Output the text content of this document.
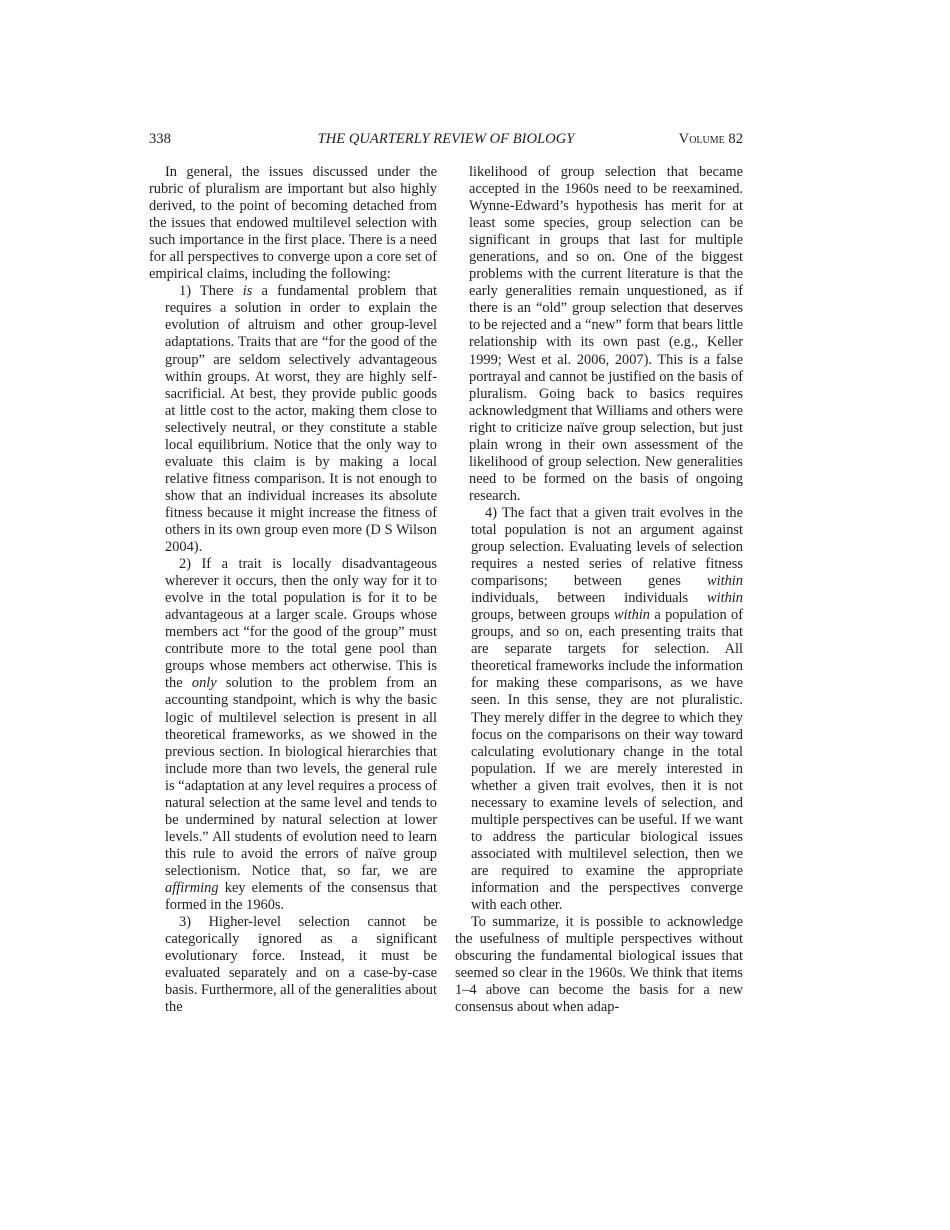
338	THE QUARTERLY REVIEW OF BIOLOGY	Volume 82

In general, the issues discussed under the rubric of pluralism are important but also highly derived, to the point of becoming detached from the issues that endowed multilevel selection with such importance in the first place. There is a need for all perspectives to converge upon a core set of empirical claims, including the following:

1) There is a fundamental problem that requires a solution in order to explain the evolution of altruism and other group-level adaptations. Traits that are “for the good of the group” are seldom selectively advantageous within groups. At worst, they are highly self-sacrificial. At best, they provide public goods at little cost to the actor, making them close to selectively neutral, or they constitute a stable local equilibrium. Notice that the only way to evaluate this claim is by making a local relative fitness comparison. It is not enough to show that an individual increases its absolute fitness because it might increase the fitness of others in its own group even more (D S Wilson 2004).

2) If a trait is locally disadvantageous wherever it occurs, then the only way for it to evolve in the total population is for it to be advantageous at a larger scale. Groups whose members act “for the good of the group” must contribute more to the total gene pool than groups whose members act otherwise. This is the only solution to the problem from an accounting standpoint, which is why the basic logic of multilevel selection is present in all theoretical frameworks, as we showed in the previous section. In biological hierarchies that include more than two levels, the general rule is “adaptation at any level requires a process of natural selection at the same level and tends to be undermined by natural selection at lower levels.” All students of evolution need to learn this rule to avoid the errors of naïve group selectionism. Notice that, so far, we are affirming key elements of the consensus that formed in the 1960s.

3) Higher-level selection cannot be categorically ignored as a significant evolutionary force. Instead, it must be evaluated separately and on a case-by-case basis. Furthermore, all of the generalities about the

likelihood of group selection that became accepted in the 1960s need to be reexamined. Wynne-Edward’s hypothesis has merit for at least some species, group selection can be significant in groups that last for multiple generations, and so on. One of the biggest problems with the current literature is that the early generalities remain unquestioned, as if there is an “old” group selection that deserves to be rejected and a “new” form that bears little relationship with its own past (e.g., Keller 1999; West et al. 2006, 2007). This is a false portrayal and cannot be justified on the basis of pluralism. Going back to basics requires acknowledgment that Williams and others were right to criticize naïve group selection, but just plain wrong in their own assessment of the likelihood of group selection. New generalities need to be formed on the basis of ongoing research.

4) The fact that a given trait evolves in the total population is not an argument against group selection. Evaluating levels of selection requires a nested series of relative fitness comparisons; between genes within individuals, between individuals within groups, between groups within a population of groups, and so on, each presenting traits that are separate targets for selection. All theoretical frameworks include the information for making these comparisons, as we have seen. In this sense, they are not pluralistic. They merely differ in the degree to which they focus on the comparisons on their way toward calculating evolutionary change in the total population. If we are merely interested in whether a given trait evolves, then it is not necessary to examine levels of selection, and multiple perspectives can be useful. If we want to address the particular biological issues associated with multilevel selection, then we are required to examine the appropriate information and the perspectives converge with each other.

To summarize, it is possible to acknowledge the usefulness of multiple perspectives without obscuring the fundamental biological issues that seemed so clear in the 1960s. We think that items 1–4 above can become the basis for a new consensus about when adap-
